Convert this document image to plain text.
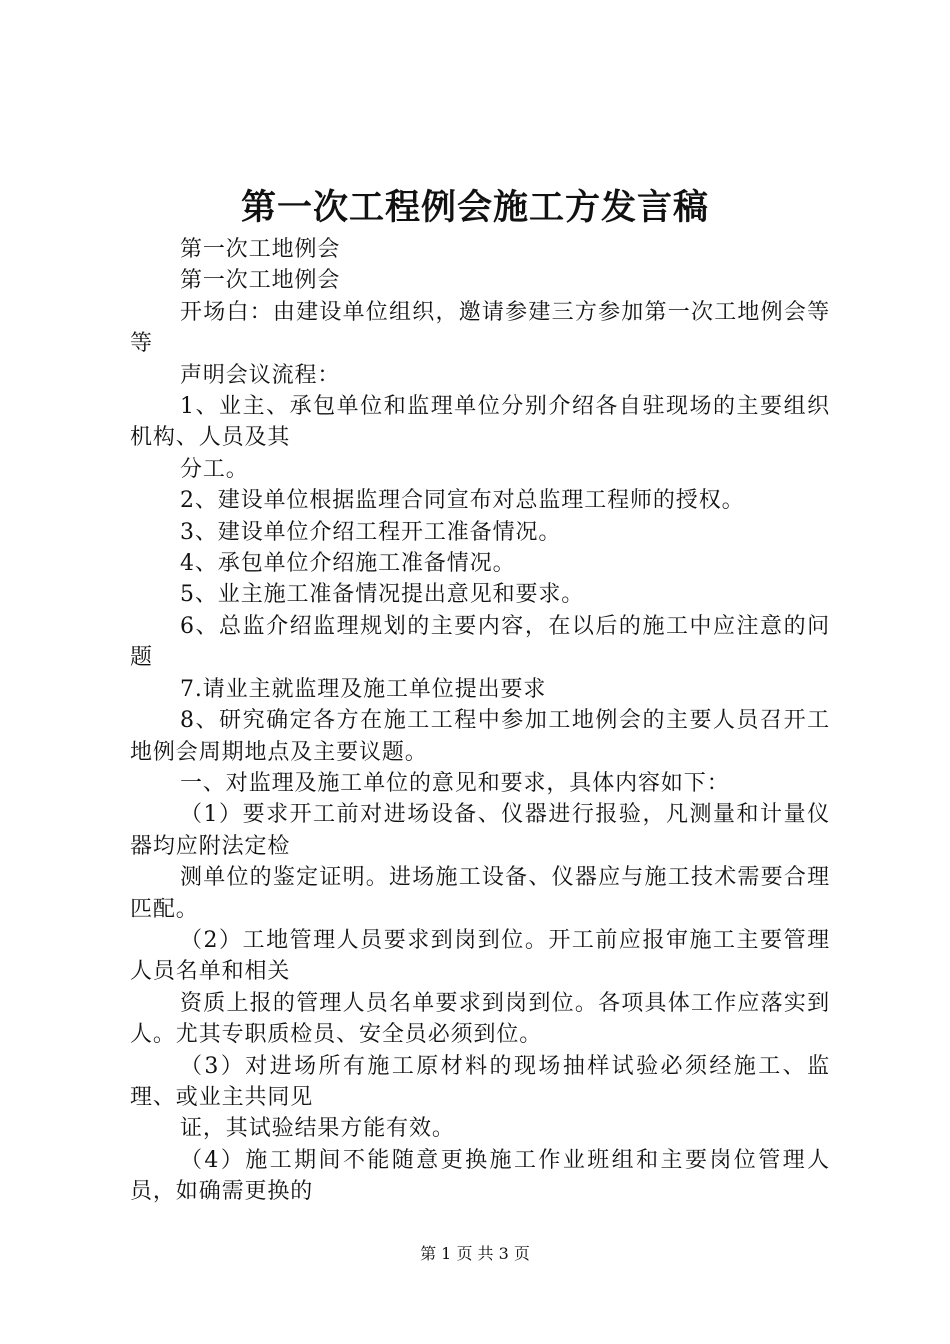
第一次工程例会施工方发言稿

第一次工地例会

第一次工地例会

开场白：由建设单位组织，邀请参建三方参加第一次工地例会等等

声明会议流程：

1、业主、承包单位和监理单位分别介绍各自驻现场的主要组织机构、人员及其

分工。

2、建设单位根据监理合同宣布对总监理工程师的授权。

3、建设单位介绍工程开工准备情况。

4、承包单位介绍施工准备情况。

5、业主施工准备情况提出意见和要求。

6、总监介绍监理规划的主要内容，在以后的施工中应注意的问题

7.请业主就监理及施工单位提出要求

8、研究确定各方在施工工程中参加工地例会的主要人员召开工地例会周期地点及主要议题。

一、对监理及施工单位的意见和要求，具体内容如下：

（1）要求开工前对进场设备、仪器进行报验，凡测量和计量仪器均应附法定检

测单位的鉴定证明。进场施工设备、仪器应与施工技术需要合理匹配。

（2）工地管理人员要求到岗到位。开工前应报审施工主要管理人员名单和相关

资质上报的管理人员名单要求到岗到位。各项具体工作应落实到人。尤其专职质检员、安全员必须到位。

（3）对进场所有施工原材料的现场抽样试验必须经施工、监理、或业主共同见

证，其试验结果方能有效。

（4）施工期间不能随意更换施工作业班组和主要岗位管理人员，如确需更换的

第 1 页 共 3 页
